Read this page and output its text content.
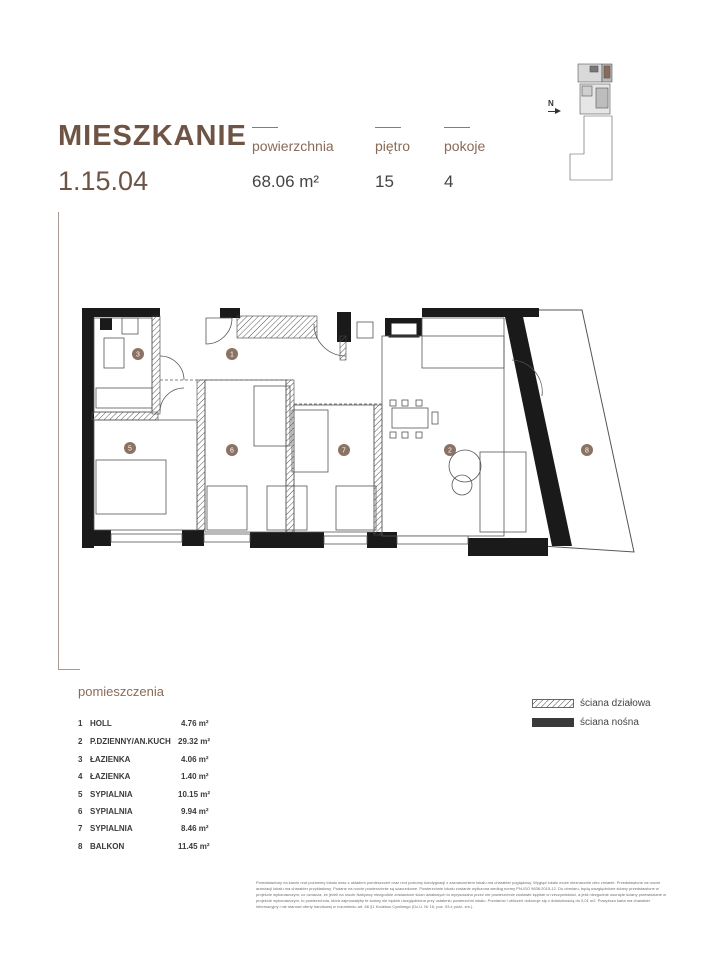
MIESZKANIE
1.15.04
powierzchnia
68.06 m²
piętro
15
pokoje
4
N
1
2
3
5	6	7	8
pomieszczenia
1 HOLL	4.76 m²
2 P.DZIENNY/AN.KUCH 29.32 m²
3 ŁAZIENKA	4.06 m²
4 ŁAZIENKA	1.40 m²
5 SYPIALNIA	10.15 m²
6 SYPIALNIA	9.94 m²
7 SYPIALNIA	8.46 m²
8 BALKON	11.45 m²
ściana działowa
ściana nośna
Przedstawiony na karcie rzut pozioemy lokalu wraz z układem pomieszczeń oraz rzut poziomy kondygnacji z zaznaczeniem lokalu ma charakter poglądowy. Wygląd lokalu może nieznacznie ulec zmianie. Przedstawione na rzucie aranżacji lokalu ma charakter przykładowy. Podane na rzucie powierzchnie są szacunkowe. Powierzchnie lokalu zostanie wyliczona według normy PN-ISO 9836:2015-12. Do obmiaru, będą uwzględnione ściany przedstawione w projekcie wykonawczym, co oznacza, że jeżeli na rzucie Nabywcy niezgodnie zostawione ścian działowych to wyrysowano przez nie powierzchnie zostawie kępiste w rzeczywistości, a jeśli niezgodnie usunięte ściany przewidziane w projekcie wykonawczym, to powierzchnia, która zajmowałyby te ściany nie będzie uwzględniona przy ustaleniu powierzchni lokalu. Pomiarów i obliczeń dokonuje się z dokładnością do 0,01 m2. Powyższa karta ma charakter informacyjny i nie stanowi oferty handlowej w rozumieniu art. 66 §1 Kodeksu Cywilnego (Dz.U. Nr 16, poz. 93 z późn. zm.).
